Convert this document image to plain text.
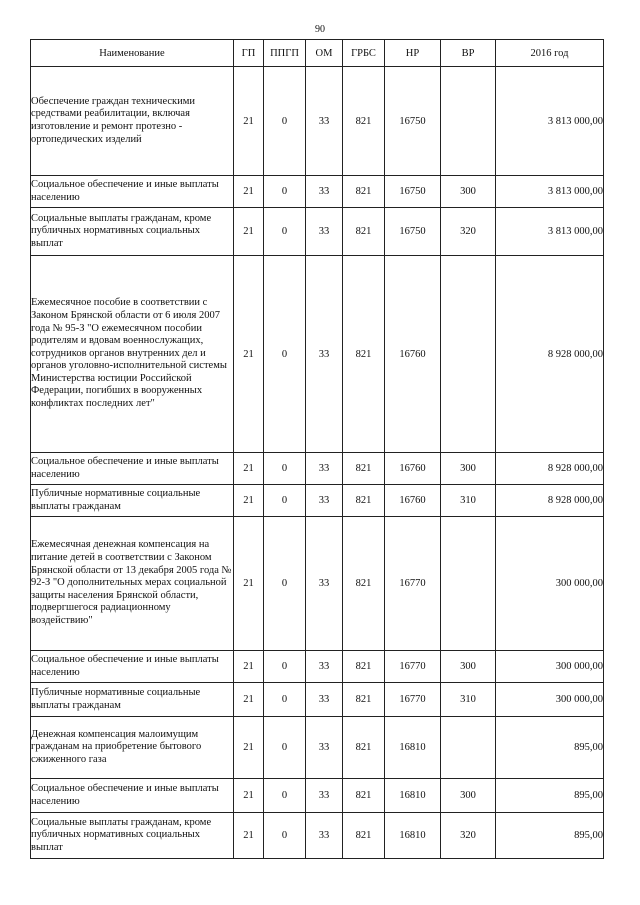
90
Наименование	ГП	ППГП	ОМ	ГРБС	НР	ВР	2016 год
Обеспечение граждан техническими средствами реабилитации, включая изготовление и ремонт протезно - ортопедических изделий	21	0	33	821	16750		3 813 000,00
Социальное обеспечение и иные выплаты населению	21	0	33	821	16750	300	3 813 000,00
Социальные выплаты гражданам, кроме публичных нормативных социальных выплат	21	0	33	821	16750	320	3 813 000,00
Ежемесячное пособие в соответствии с Законом Брянской области от 6 июля 2007 года № 95-З "О ежемесячном пособии родителям и вдовам военнослужащих, сотрудников органов внутренних дел и органов уголовно-исполнительной системы Министерства юстиции Российской Федерации, погибших в вооруженных конфликтах последних лет"	21	0	33	821	16760		8 928 000,00
Социальное обеспечение и иные выплаты населению	21	0	33	821	16760	300	8 928 000,00
Публичные нормативные социальные выплаты гражданам	21	0	33	821	16760	310	8 928 000,00
Ежемесячная денежная компенсация на питание детей в соответствии с Законом Брянской области от 13 декабря 2005 года № 92-З "О дополнительных мерах социальной защиты населения Брянской области, подвергшегося радиационному воздействию"	21	0	33	821	16770		300 000,00
Социальное обеспечение и иные выплаты населению	21	0	33	821	16770	300	300 000,00
Публичные нормативные социальные выплаты гражданам	21	0	33	821	16770	310	300 000,00
Денежная компенсация малоимущим гражданам на приобретение бытового сжиженного газа	21	0	33	821	16810		895,00
Социальное обеспечение и иные выплаты населению	21	0	33	821	16810	300	895,00
Социальные выплаты гражданам, кроме публичных нормативных социальных выплат	21	0	33	821	16810	320	895,00
